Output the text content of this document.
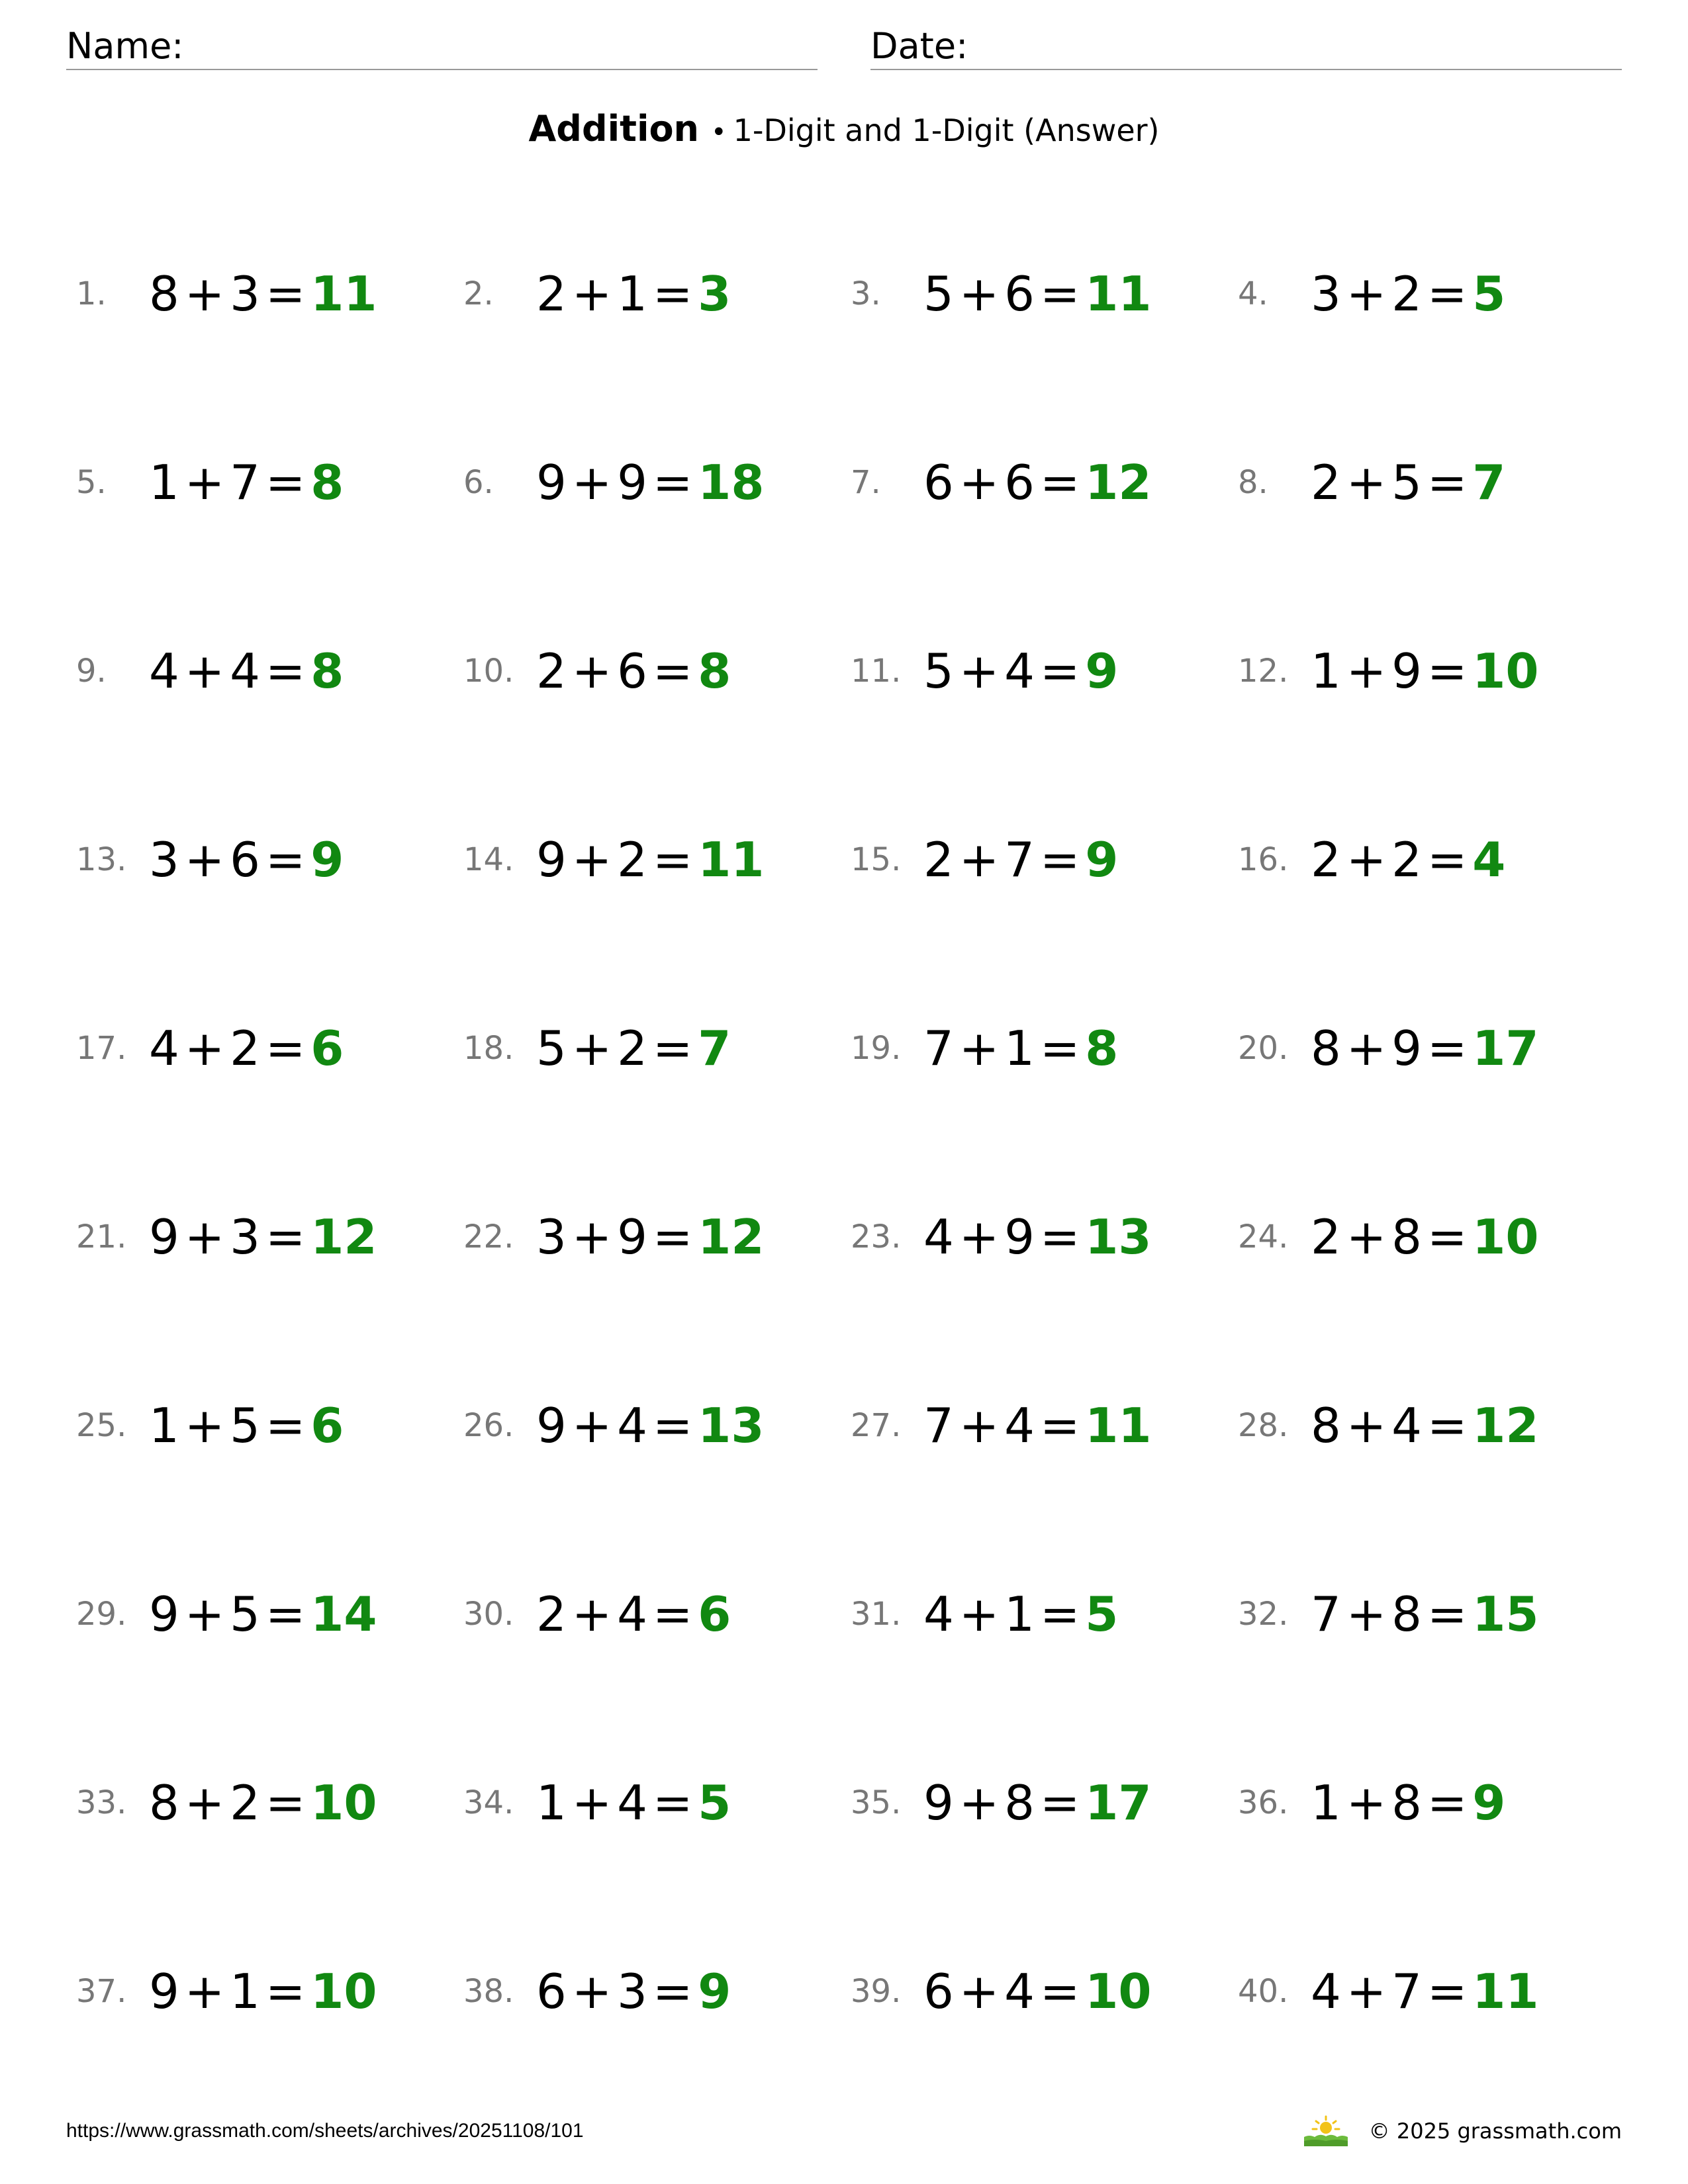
Name:	Date:
Addition • 1-Digit and 1-Digit (Answer)
1. 8 + 3 = 11	2. 2 + 1 = 3	3. 5 + 6 = 11	4. 3 + 2 = 5
5. 1 + 7 = 8	6. 9 + 9 = 18	7. 6 + 6 = 12	8. 2 + 5 = 7
9. 4 + 4 = 8	10. 2 + 6 = 8	11. 5 + 4 = 9	12. 1 + 9 = 10
13. 3 + 6 = 9	14. 9 + 2 = 11	15. 2 + 7 = 9	16. 2 + 2 = 4
17. 4 + 2 = 6	18. 5 + 2 = 7	19. 7 + 1 = 8	20. 8 + 9 = 17
21. 9 + 3 = 12	22. 3 + 9 = 12	23. 4 + 9 = 13	24. 2 + 8 = 10
25. 1 + 5 = 6	26. 9 + 4 = 13	27. 7 + 4 = 11	28. 8 + 4 = 12
29. 9 + 5 = 14	30. 2 + 4 = 6	31. 4 + 1 = 5	32. 7 + 8 = 15
33. 8 + 2 = 10	34. 1 + 4 = 5	35. 9 + 8 = 17	36. 1 + 8 = 9
37. 9 + 1 = 10	38. 6 + 3 = 9	39. 6 + 4 = 10	40. 4 + 7 = 11
https://www.grassmath.com/sheets/archives/20251108/101	© 2025 grassmath.com
